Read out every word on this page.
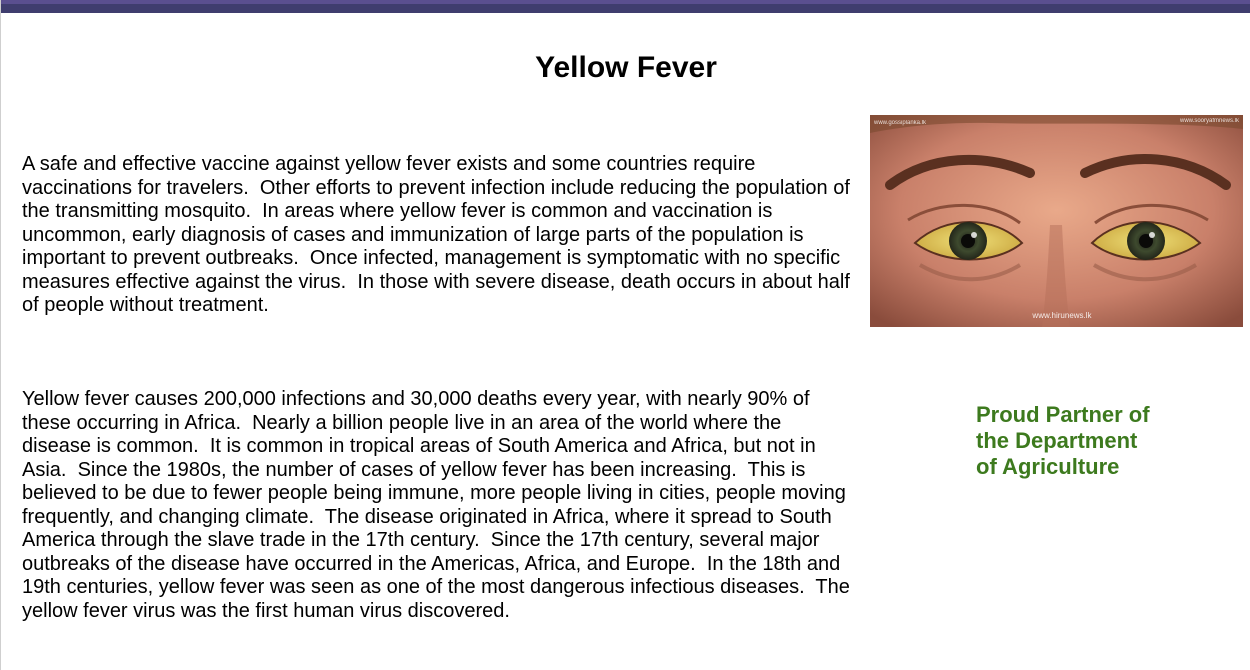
Yellow Fever

A safe and effective vaccine against yellow fever exists and some countries require vaccinations for travelers.  Other efforts to prevent infection include reducing the population of the transmitting mosquito.  In areas where yellow fever is common and vaccination is uncommon, early diagnosis of cases and immunization of large parts of the population is important to prevent outbreaks.  Once infected, management is symptomatic with no specific measures effective against the virus.  In those with severe disease, death occurs in about half of people without treatment.

Yellow fever causes 200,000 infections and 30,000 deaths every year, with nearly 90% of these occurring in Africa.  Nearly a billion people live in an area of the world where the disease is common.  It is common in tropical areas of South America and Africa, but not in Asia.  Since the 1980s, the number of cases of yellow fever has been increasing.  This is believed to be due to fewer people being immune, more people living in cities, people moving frequently, and changing climate.  The disease originated in Africa, where it spread to South America through the slave trade in the 17th century.  Since the 17th century, several major outbreaks of the disease have occurred in the Americas, Africa, and Europe.  In the 18th and 19th centuries, yellow fever was seen as one of the most dangerous infectious diseases.  The yellow fever virus was the first human virus discovered.

www.gossiplanka.lk	www.sooryafmnews.lk
www.hirunews.lk
Proud Partner of
the Department
of Agriculture
